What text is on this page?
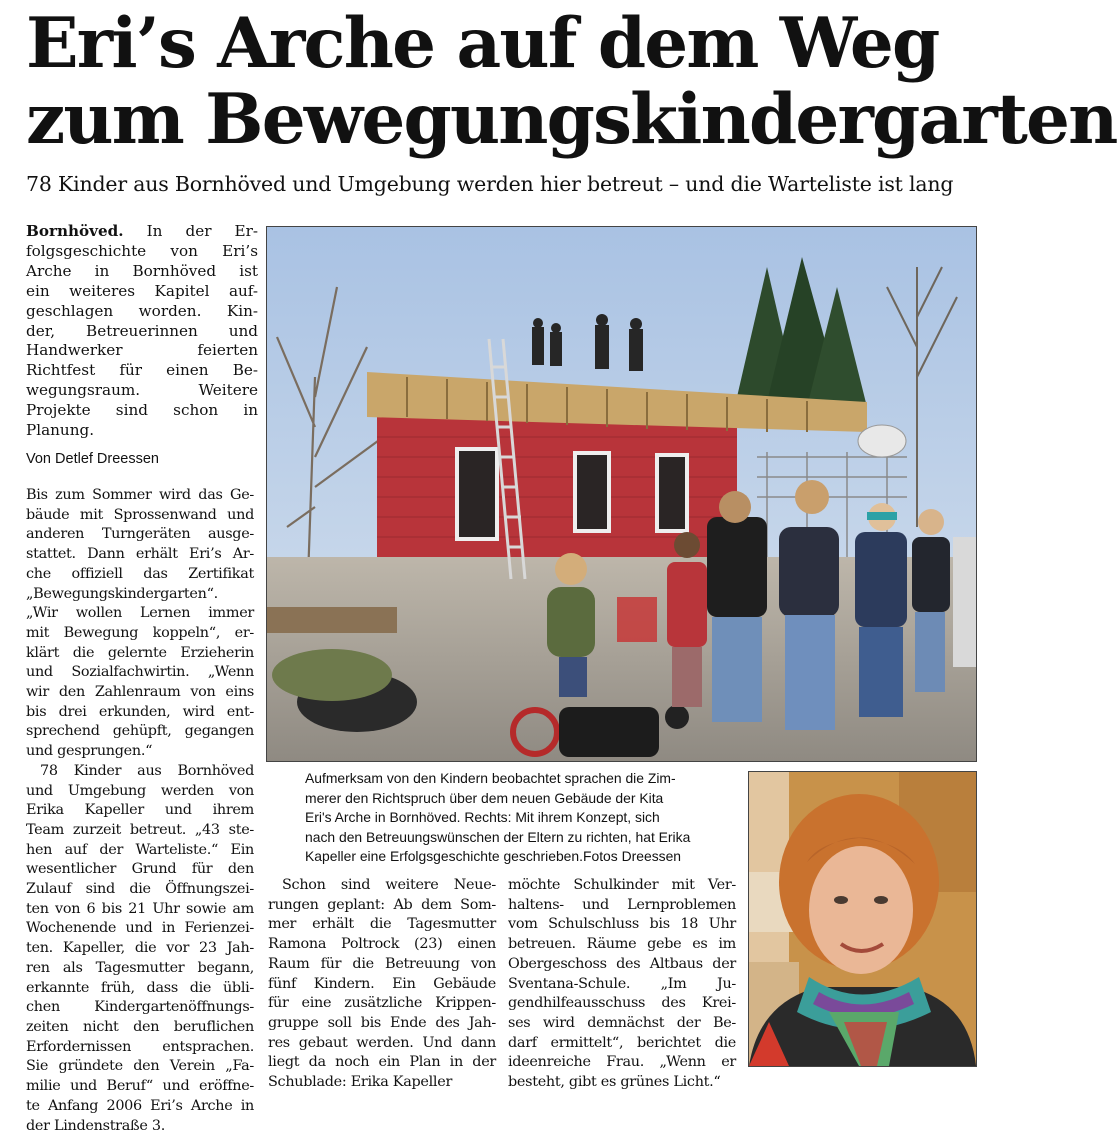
Eri’s Arche auf dem Weg
zum Bewegungskindergarten
78 Kinder aus Bornhöved und Umgebung werden hier betreut – und die Warteliste ist lang

Bornhöved. In der Er-
folgsgeschichte von Eri’s
Arche in Bornhöved ist
ein weiteres Kapitel auf-
geschlagen worden. Kin-
der, Betreuerinnen und
Handwerker feierten
Richtfest für einen Be-
wegungsraum. Weitere
Projekte sind schon in
Planung.

Von Detlef Dreessen

Bis zum Sommer wird das Ge-
bäude mit Sprossenwand und
anderen Turngeräten ausge-
stattet. Dann erhält Eri’s Ar-
che offiziell das Zertifikat
„Bewegungskindergarten“.
„Wir wollen Lernen immer
mit Bewegung koppeln“, er-
klärt die gelernte Erzieherin
und Sozialfachwirtin. „Wenn
wir den Zahlenraum von eins
bis drei erkunden, wird ent-
sprechend gehüpft, gegangen
und gesprungen.“
78 Kinder aus Bornhöved
und Umgebung werden von
Erika Kapeller und ihrem
Team zurzeit betreut. „43 ste-
hen auf der Warteliste.“ Ein
wesentlicher Grund für den
Zulauf sind die Öffnungszei-
ten von 6 bis 21 Uhr sowie am
Wochenende und in Ferienzei-
ten. Kapeller, die vor 23 Jah-
ren als Tagesmutter begann,
erkannte früh, dass die übli-
chen Kindergartenöffnungs-
zeiten nicht den beruflichen
Erfordernissen entsprachen.
Sie gründete den Verein „Fa-
milie und Beruf“ und eröffne-
te Anfang 2006 Eri’s Arche in
der Lindenstraße 3.

Schon sind weitere Neue-
rungen geplant: Ab dem Som-
mer erhält die Tagesmutter
Ramona Poltrock (23) einen
Raum für die Betreuung von
fünf Kindern. Ein Gebäude
für eine zusätzliche Krippen-
gruppe soll bis Ende des Jah-
res gebaut werden. Und dann
liegt da noch ein Plan in der
Schublade: Erika Kapeller

möchte Schulkinder mit Ver-
haltens- und Lernproblemen
vom Schulschluss bis 18 Uhr
betreuen. Räume gebe es im
Obergeschoss des Altbaus der
Sventana-Schule. „Im Ju-
gendhilfeausschuss des Krei-
ses wird demnächst der Be-
darf ermittelt“, berichtet die
ideenreiche Frau. „Wenn er
besteht, gibt es grünes Licht.“

Aufmerksam von den Kindern beobachtet sprachen die Zim-
merer den Richtspruch über dem neuen Gebäude der Kita
Eri's Arche in Bornhöved. Rechts: Mit ihrem Konzept, sich
nach den Betreuungswünschen der Eltern zu richten, hat Erika
Kapeller eine Erfolgsgeschichte geschrieben.Fotos Dreessen
